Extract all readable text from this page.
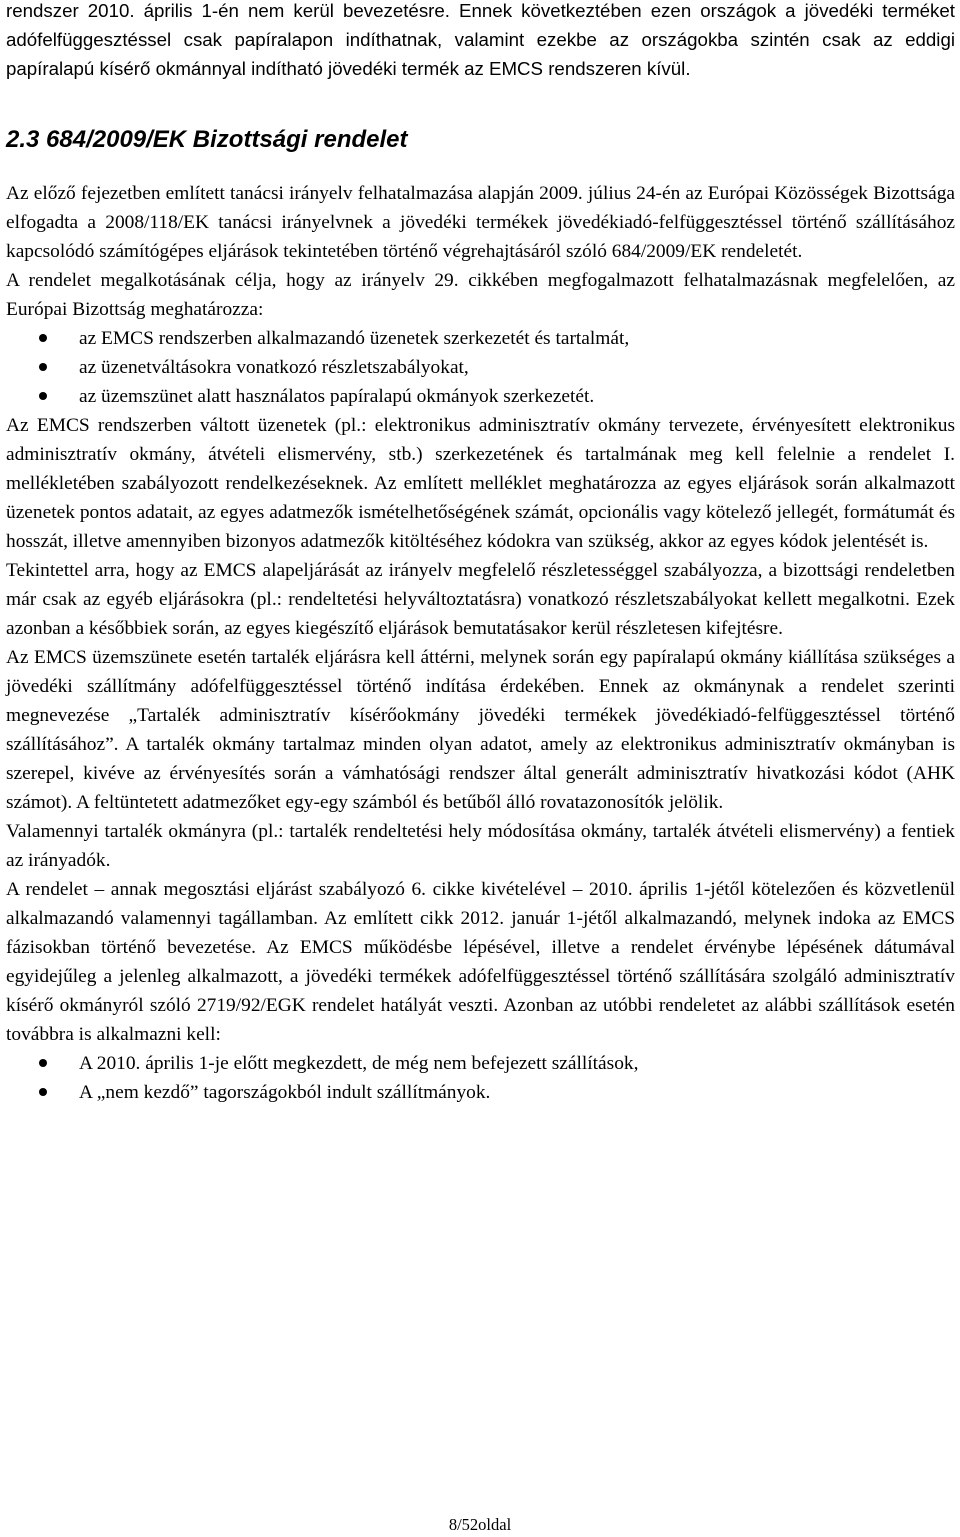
rendszer 2010. április 1-én nem kerül bevezetésre. Ennek következtében ezen országok a jövedéki terméket adófelfüggesztéssel csak papíralapon indíthatnak, valamint ezekbe az országokba szintén csak az eddigi papíralapú kísérő okmánnyal indítható jövedéki termék az EMCS rendszeren kívül.

2.3 684/2009/EK Bizottsági rendelet

Az előző fejezetben említett tanácsi irányelv felhatalmazása alapján 2009. július 24-én az Európai Közösségek Bizottsága elfogadta a 2008/118/EK tanácsi irányelvnek a jövedéki termékek jövedékiadó-felfüggesztéssel történő szállításához kapcsolódó számítógépes eljárások tekintetében történő végrehajtásáról szóló 684/2009/EK rendeletét.

A rendelet megalkotásának célja, hogy az irányelv 29. cikkében megfogalmazott felhatalmazásnak megfelelően, az Európai Bizottság meghatározza:

az EMCS rendszerben alkalmazandó üzenetek szerkezetét és tartalmát,
az üzenetváltásokra vonatkozó részletszabályokat,
az üzemszünet alatt használatos papíralapú okmányok szerkezetét.

Az EMCS rendszerben váltott üzenetek (pl.: elektronikus adminisztratív okmány tervezete, érvényesített elektronikus adminisztratív okmány, átvételi elismervény, stb.) szerkezetének és tartalmának meg kell felelnie a rendelet I. mellékletében szabályozott rendelkezéseknek. Az említett melléklet meghatározza az egyes eljárások során alkalmazott üzenetek pontos adatait, az egyes adatmezők ismételhetőségének számát, opcionális vagy kötelező jellegét, formátumát és hosszát, illetve amennyiben bizonyos adatmezők kitöltéséhez kódokra van szükség, akkor az egyes kódok jelentését is.

Tekintettel arra, hogy az EMCS alapeljárását az irányelv megfelelő részletességgel szabályozza, a bizottsági rendeletben már csak az egyéb eljárásokra (pl.: rendeltetési helyváltoztatásra) vonatkozó részletszabályokat kellett megalkotni. Ezek azonban a későbbiek során, az egyes kiegészítő eljárások bemutatásakor kerül részletesen kifejtésre.

Az EMCS üzemszünete esetén tartalék eljárásra kell áttérni, melynek során egy papíralapú okmány kiállítása szükséges a jövedéki szállítmány adófelfüggesztéssel történő indítása érdekében. Ennek az okmánynak a rendelet szerinti megnevezése „Tartalék adminisztratív kísérőokmány jövedéki termékek jövedékiadó-felfüggesztéssel történő szállításához”. A tartalék okmány tartalmaz minden olyan adatot, amely az elektronikus adminisztratív okmányban is szerepel, kivéve az érvényesítés során a vámhatósági rendszer által generált adminisztratív hivatkozási kódot (AHK számot). A feltüntetett adatmezőket egy-egy számból és betűből álló rovatazonosítók jelölik.

Valamennyi tartalék okmányra (pl.: tartalék rendeltetési hely módosítása okmány, tartalék átvételi elismervény) a fentiek az irányadók.

A rendelet – annak megosztási eljárást szabályozó 6. cikke kivételével – 2010. április 1-jétől kötelezően és közvetlenül alkalmazandó valamennyi tagállamban. Az említett cikk 2012. január 1-jétől alkalmazandó, melynek indoka az EMCS fázisokban történő bevezetése. Az EMCS működésbe lépésével, illetve a rendelet érvénybe lépésének dátumával egyidejűleg a jelenleg alkalmazott, a jövedéki termékek adófelfüggesztéssel történő szállítására szolgáló adminisztratív kísérő okmányról szóló 2719/92/EGK rendelet hatályát veszti. Azonban az utóbbi rendeletet az alábbi szállítások esetén továbbra is alkalmazni kell:

A 2010. április 1-je előtt megkezdett, de még nem befejezett szállítások,
A „nem kezdő” tagországokból indult szállítmányok.
8/52oldal
